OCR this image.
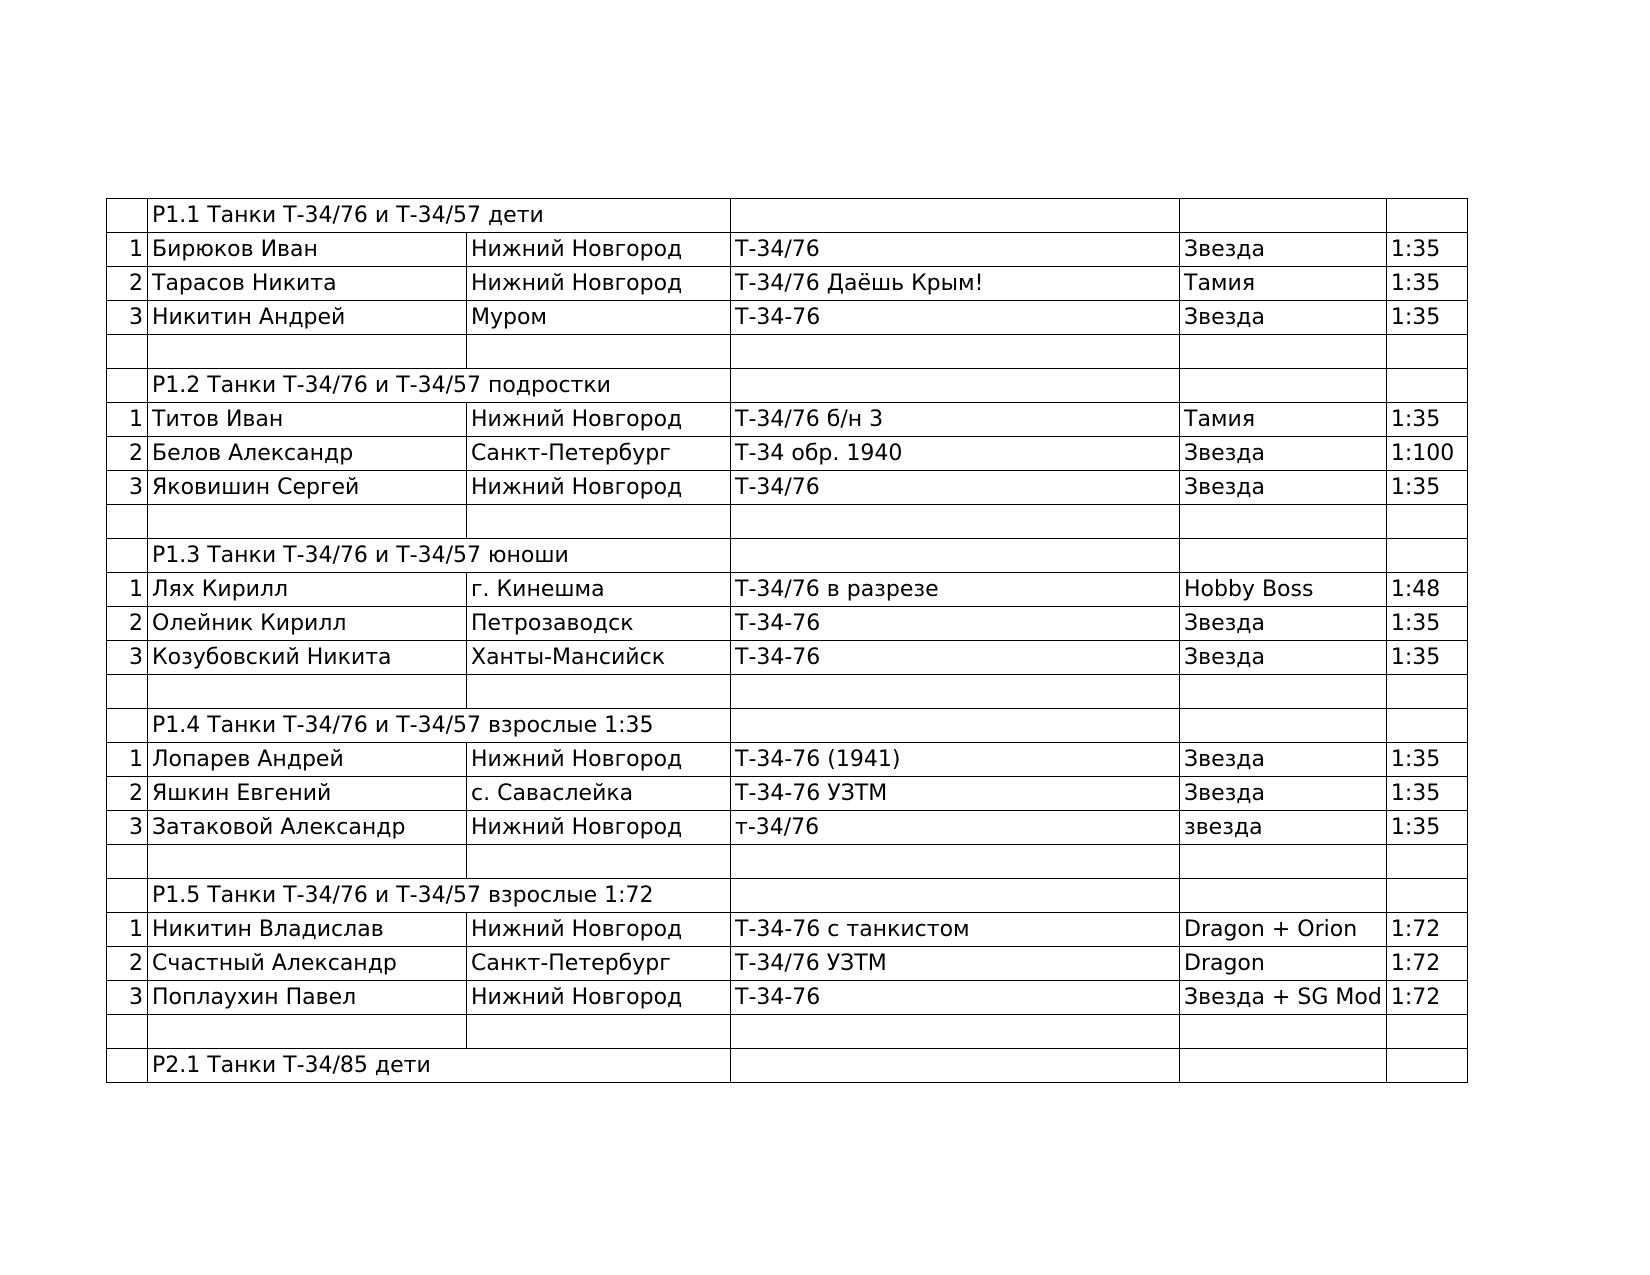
	Р1.1 Танки Т-34/76 и Т-34/57 дети				

1	Бирюков Иван	Нижний Новгород	Т-34/76	Звезда	1:35
2	Тарасов Никита	Нижний Новгород	Т-34/76 Даёшь Крым!	Тамия	1:35
3	Никитин Андрей	Муром	Т-34-76	Звезда	1:35

	Р1.2 Танки Т-34/76 и Т-34/57 подростки				

1	Титов Иван	Нижний Новгород	Т-34/76 б/н 3	Тамия	1:35
2	Белов Александр	Санкт-Петербург	Т-34 обр. 1940	Звезда	1:100
3	Яковишин Сергей	Нижний Новгород	Т-34/76	Звезда	1:35

	Р1.3 Танки Т-34/76 и Т-34/57 юноши				

1	Лях Кирилл	г. Кинешма	Т-34/76 в разрезе	Hobby Boss	1:48
2	Олейник Кирилл	Петрозаводск	Т-34-76	Звезда	1:35
3	Козубовский Никита	Ханты-Мансийск	Т-34-76	Звезда	1:35

	Р1.4 Танки Т-34/76 и Т-34/57 взрослые 1:35				

1	Лопарев Андрей	Нижний Новгород	Т-34-76 (1941)	Звезда	1:35
2	Яшкин Евгений	с. Саваслейка	Т-34-76 УЗТМ	Звезда	1:35
3	Затаковой Александр	Нижний Новгород	т-34/76	звезда	1:35

	Р1.5 Танки Т-34/76 и Т-34/57 взрослые 1:72				

1	Никитин Владислав	Нижний Новгород	Т-34-76 с танкистом	Dragon + Orion	1:72
2	Счастный Александр	Санкт-Петербург	Т-34/76 УЗТМ	Dragon	1:72
3	Поплаухин Павел	Нижний Новгород	Т-34-76	Звезда + SG Mod	1:72

	Р2.1 Танки Т-34/85 дети				
